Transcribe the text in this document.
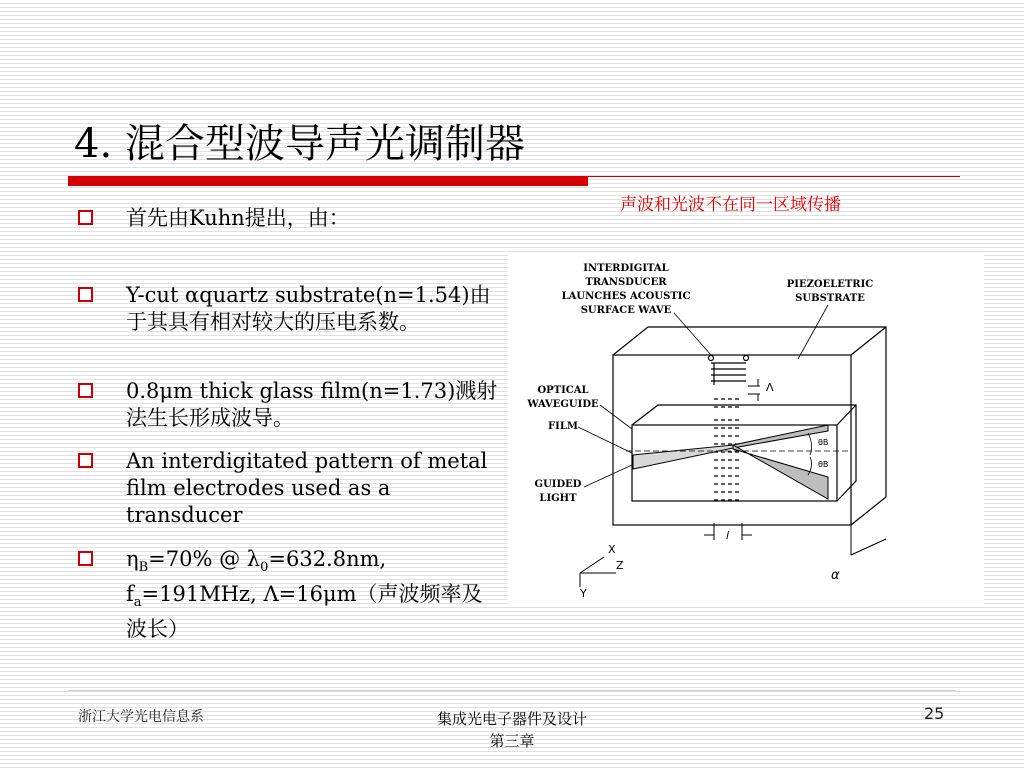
4. 混合型波导声光调制器
声波和光波不在同一区域传播
首先由Kuhn提出，由：
Y-cut αquartz substrate(n=1.54)由于其具有相对较大的压电系数。
0.8μm thick glass film(n=1.73)溅射法生长形成波导。
An interdigitated pattern of metal film electrodes used as a transducer
$\eta_B=70\%$ @ $\lambda_0=632.8nm$,
$f_a=191MHz$, Λ=16μm（声波频率及波长）
Λ
θB
θB
l
α
X
Z
Y
INTERDIGITAL
TRANSDUCER
LAUNCHES ACOUSTIC
SURFACE WAVE
PIEZOELETRIC
SUBSTRATE
OPTICAL
WAVEGUIDE
FILM
GUIDED
LIGHT
浙江大学光电信息系	集成光电子器件及设计
第三章
25
